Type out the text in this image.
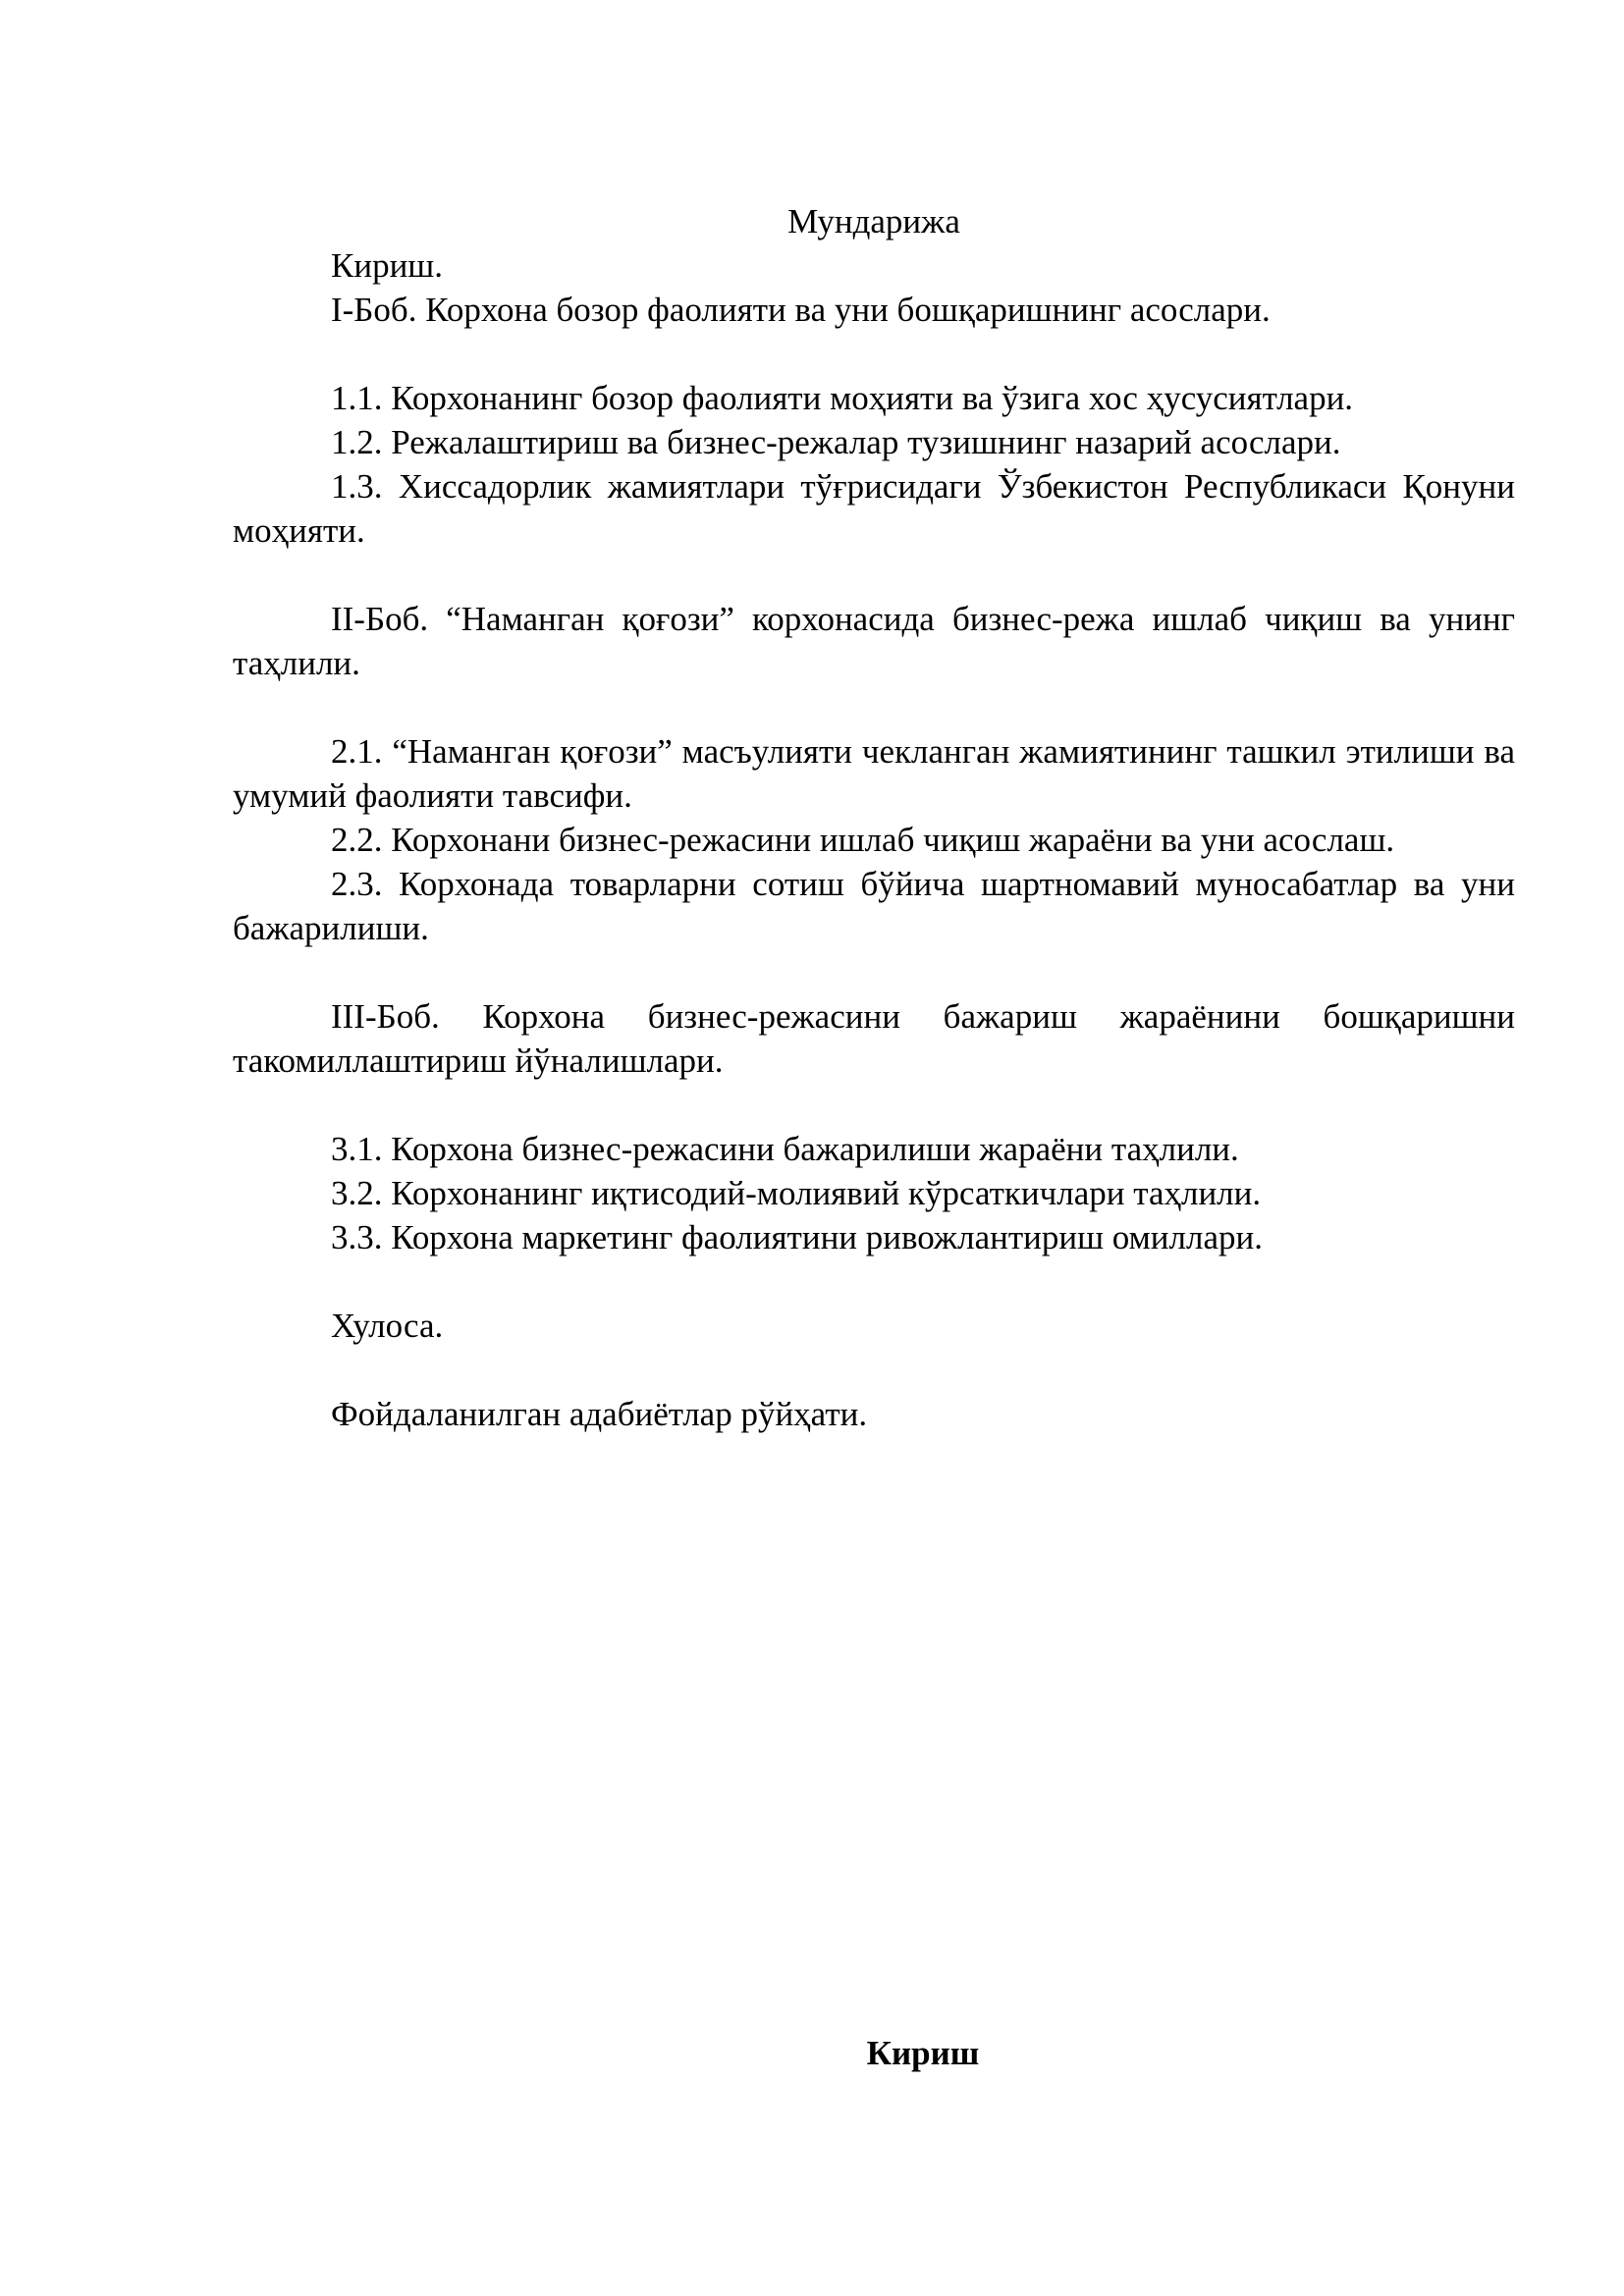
Мундарижа

Кириш.

I-Боб. Корхона бозор фаолияти ва уни бошқаришнинг асослари.

1.1. Корхонанинг бозор фаолияти моҳияти ва ўзига хос ҳусусиятлари.

1.2. Режалаштириш ва бизнес-режалар тузишнинг назарий асослари.

1.3. Хиссадорлик жамиятлари тўғрисидаги Ўзбекистон Республикаси Қонуни моҳияти.

II-Боб. “Наманган қоғози” корхонасида бизнес-режа ишлаб чиқиш ва унинг таҳлили.

2.1. “Наманган қоғози” масъулияти чекланган жамиятининг ташкил этилиши ва умумий фаолияти тавсифи.

2.2. Корхонани бизнес-режасини ишлаб чиқиш жараёни ва уни асослаш.

2.3. Корхонада товарларни сотиш бўйича шартномавий муносабатлар ва уни бажарилиши.

III-Боб. Корхона бизнес-режасини бажариш жараёнини бошқаришни такомиллаштириш йўналишлари.

3.1. Корхона бизнес-режасини бажарилиши жараёни таҳлили.

3.2. Корхонанинг иқтисодий-молиявий кўрсаткичлари таҳлили.

3.3. Корхона маркетинг фаолиятини ривожлантириш омиллари.

Хулоса.

Фойдаланилган адабиётлар рўйҳати.

Кириш
